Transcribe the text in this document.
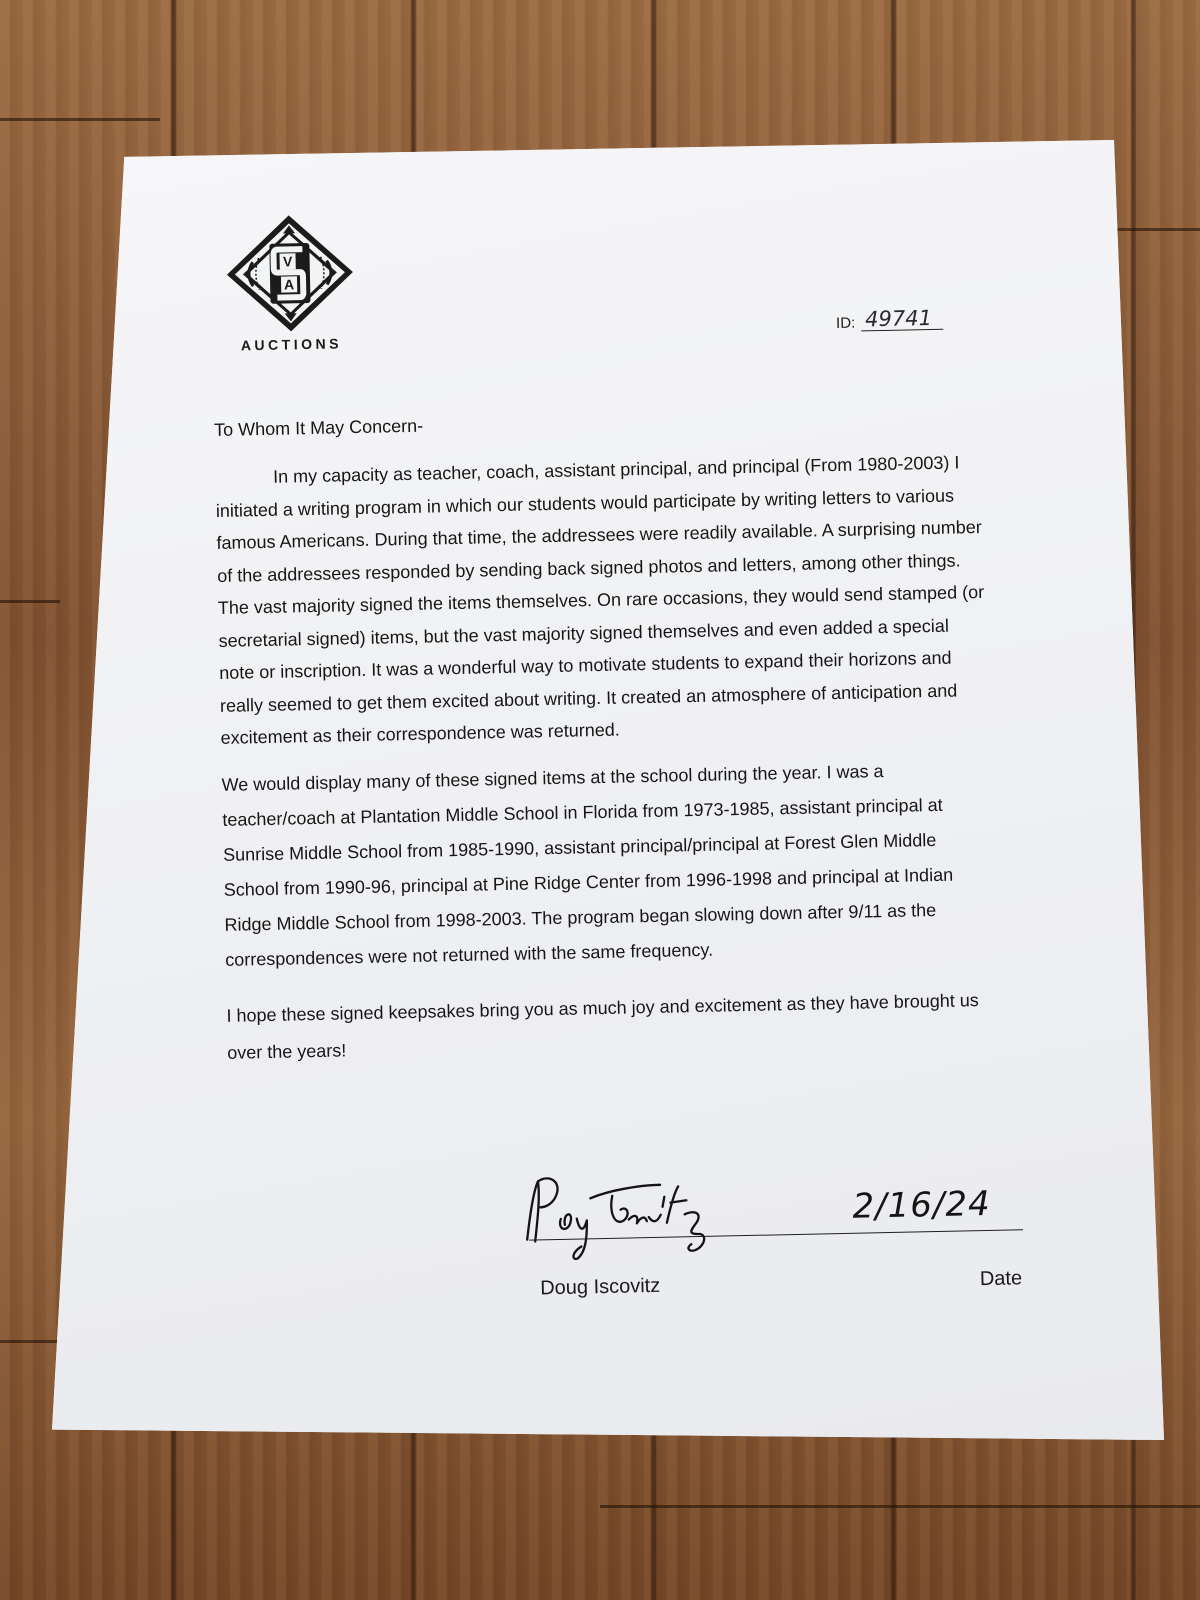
V
A
AUCTIONS
ID: 49741

To Whom It May Concern-

In my capacity as teacher, coach, assistant principal, and principal (From 1980-2003) I initiated a writing program in which our students would participate by writing letters to various famous Americans. During that time, the addressees were readily available. A surprising number of the addressees responded by sending back signed photos and letters, among other things. The vast majority signed the items themselves. On rare occasions, they would send stamped (or secretarial signed) items, but the vast majority signed themselves and even added a special note or inscription. It was a wonderful way to motivate students to expand their horizons and really seemed to get them excited about writing. It created an atmosphere of anticipation and excitement as their correspondence was returned.

We would display many of these signed items at the school during the year. I was a teacher/coach at Plantation Middle School in Florida from 1973-1985, assistant principal at Sunrise Middle School from 1985-1990, assistant principal/principal at Forest Glen Middle School from 1990-96, principal at Pine Ridge Center from 1996-1998 and principal at Indian Ridge Middle School from 1998-2003. The program began slowing down after 9/11 as the correspondences were not returned with the same frequency.

I hope these signed keepsakes bring you as much joy and excitement as they have brought us over the years!

2/16/24
Doug Iscovitz	Date
